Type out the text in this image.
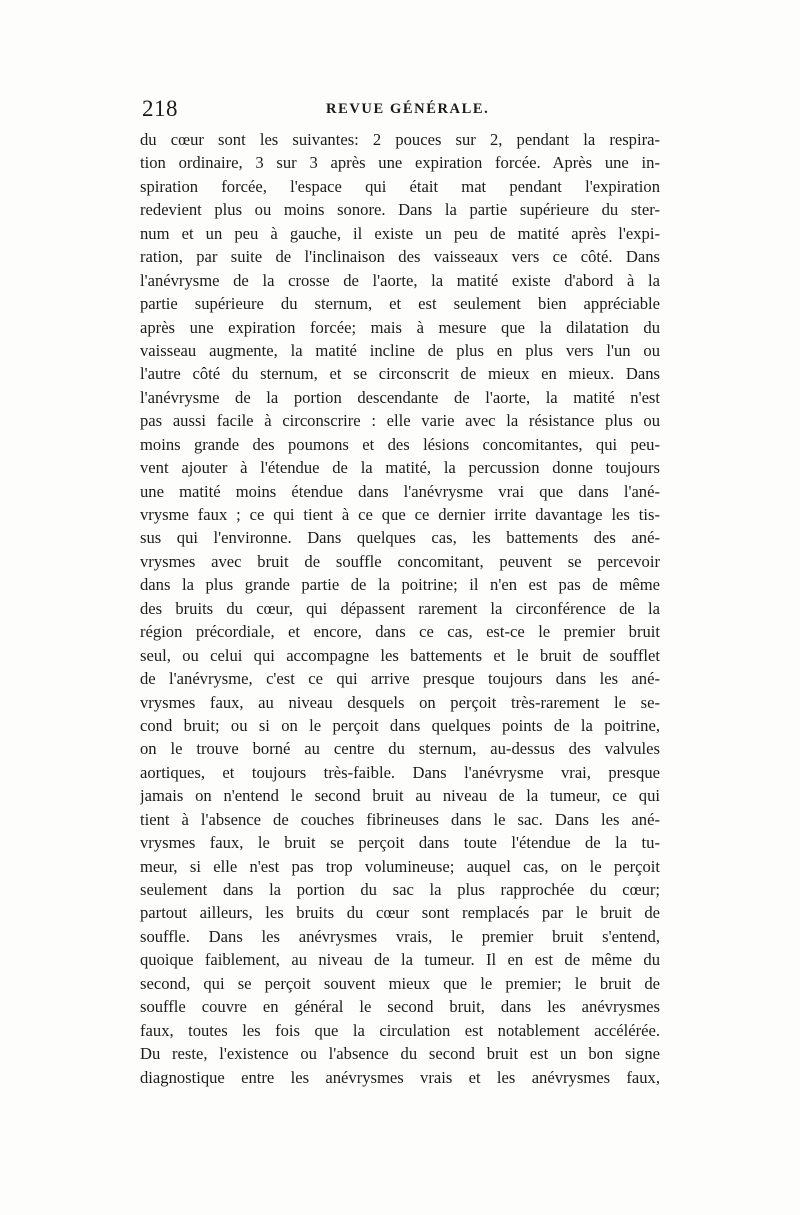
218	REVUE GÉNÉRALE.
du cœur sont les suivantes: 2 pouces sur 2, pendant la respira-
tion ordinaire, 3 sur 3 après une expiration forcée. Après une in-
spiration forcée, l'espace qui était mat pendant l'expiration
redevient plus ou moins sonore. Dans la partie supérieure du ster-
num et un peu à gauche, il existe un peu de matité après l'expi-
ration, par suite de l'inclinaison des vaisseaux vers ce côté. Dans
l'anévrysme de la crosse de l'aorte, la matité existe d'abord à la
partie supérieure du sternum, et est seulement bien appréciable
après une expiration forcée; mais à mesure que la dilatation du
vaisseau augmente, la matité incline de plus en plus vers l'un ou
l'autre côté du sternum, et se circonscrit de mieux en mieux. Dans
l'anévrysme de la portion descendante de l'aorte, la matité n'est
pas aussi facile à circonscrire : elle varie avec la résistance plus ou
moins grande des poumons et des lésions concomitantes, qui peu-
vent ajouter à l'étendue de la matité, la percussion donne toujours
une matité moins étendue dans l'anévrysme vrai que dans l'ané-
vrysme faux ; ce qui tient à ce que ce dernier irrite davantage les tis-
sus qui l'environne. Dans quelques cas, les battements des ané-
vrysmes avec bruit de souffle concomitant, peuvent se percevoir
dans la plus grande partie de la poitrine; il n'en est pas de même
des bruits du cœur, qui dépassent rarement la circonférence de la
région précordiale, et encore, dans ce cas, est-ce le premier bruit
seul, ou celui qui accompagne les battements et le bruit de soufflet
de l'anévrysme, c'est ce qui arrive presque toujours dans les ané-
vrysmes faux, au niveau desquels on perçoit très-rarement le se-
cond bruit; ou si on le perçoit dans quelques points de la poitrine,
on le trouve borné au centre du sternum, au-dessus des valvules
aortiques, et toujours très-faible. Dans l'anévrysme vrai, presque
jamais on n'entend le second bruit au niveau de la tumeur, ce qui
tient à l'absence de couches fibrineuses dans le sac. Dans les ané-
vrysmes faux, le bruit se perçoit dans toute l'étendue de la tu-
meur, si elle n'est pas trop volumineuse; auquel cas, on le perçoit
seulement dans la portion du sac la plus rapprochée du cœur;
partout ailleurs, les bruits du cœur sont remplacés par le bruit de
souffle. Dans les anévrysmes vrais, le premier bruit s'entend,
quoique faiblement, au niveau de la tumeur. Il en est de même du
second, qui se perçoit souvent mieux que le premier; le bruit de
souffle couvre en général le second bruit, dans les anévrysmes
faux, toutes les fois que la circulation est notablement accélérée.
Du reste, l'existence ou l'absence du second bruit est un bon signe
diagnostique entre les anévrysmes vrais et les anévrysmes faux,
